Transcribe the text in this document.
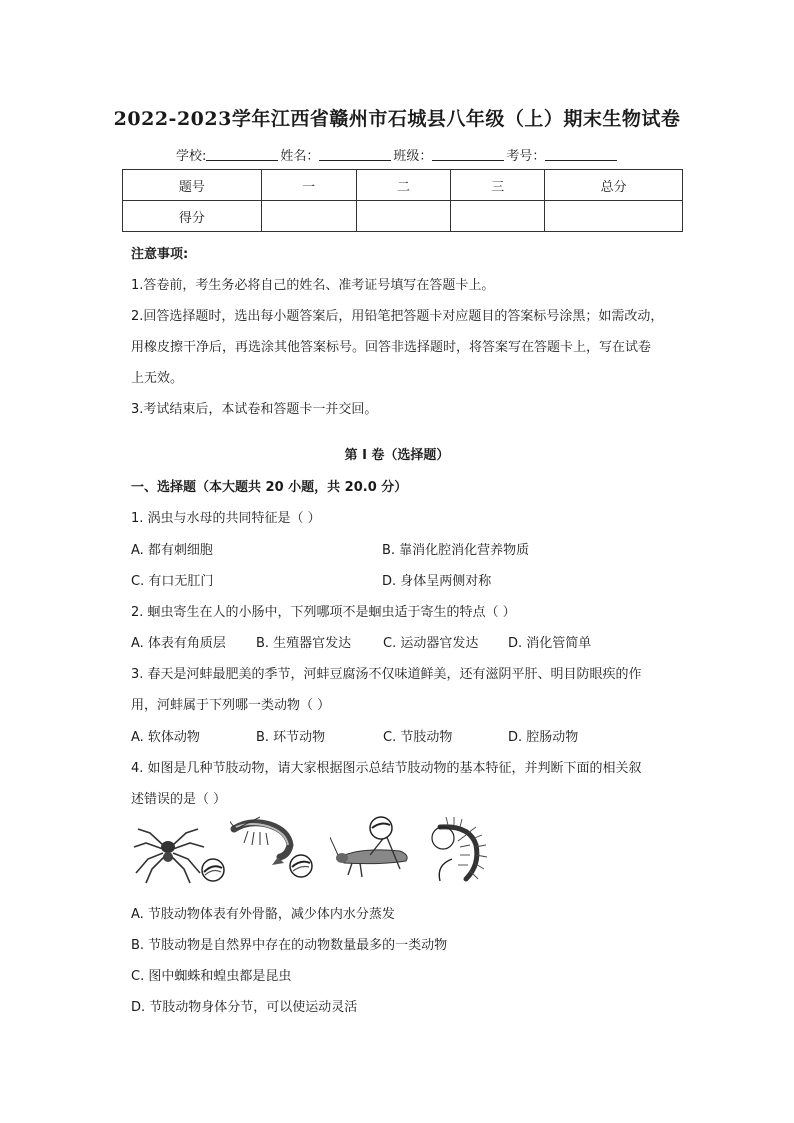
2022-2023学年江西省赣州市石城县八年级（上）期末生物试卷
学校:	姓名：	班级：	考号：
题号	一	二	三	总分
得分				
注意事项:
1.答卷前，考生务必将自己的姓名、准考证号填写在答题卡上。
2.回答选择题时，选出每小题答案后，用铅笔把答题卡对应题目的答案标号涂黑；如需改动，
用橡皮擦干净后，再选涂其他答案标号。回答非选择题时，将答案写在答题卡上，写在试卷
上无效。
3.考试结束后，本试卷和答题卡一并交回。
第 I 卷（选择题）
一、选择题（本大题共 20 小题，共 20.0 分）
1. 涡虫与水母的共同特征是（ ）
A. 都有刺细胞	B. 靠消化腔消化营养物质
C. 有口无肛门	D. 身体呈两侧对称
2. 蛔虫寄生在人的小肠中，下列哪项不是蛔虫适于寄生的特点（ ）
A. 体表有角质层 B. 生殖器官发达 C. 运动器官发达 D. 消化管简单
3. 春天是河蚌最肥美的季节，河蚌豆腐汤不仅味道鲜美，还有滋阴平肝、明目防眼疾的作
用，河蚌属于下列哪一类动物（ ）
A. 软体动物	B. 环节动物	C. 节肢动物	D. 腔肠动物
4. 如图是几种节肢动物，请大家根据图示总结节肢动物的基本特征，并判断下面的相关叙
述错误的是（ ）
A. 节肢动物体表有外骨骼，减少体内水分蒸发
B. 节肢动物是自然界中存在的动物数量最多的一类动物
C. 图中蜘蛛和蝗虫都是昆虫
D. 节肢动物身体分节，可以使运动灵活
